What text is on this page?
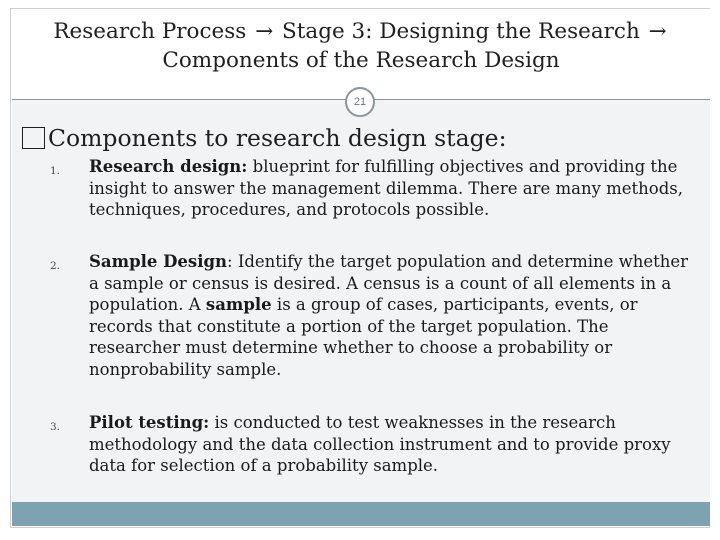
Research Process → Stage 3: Designing the Research →
Components of the Research Design
21
Components to research design stage:
1. Research design: blueprint for fulfilling objectives and providing the insight to answer the management dilemma. There are many methods, techniques, procedures, and protocols possible.
2. Sample Design: Identify the target population and determine whether a sample or census is desired. A census is a count of all elements in a population. A sample is a group of cases, participants, events, or records that constitute a portion of the target population. The researcher must determine whether to choose a probability or nonprobability sample.
3. Pilot testing: is conducted to test weaknesses in the research methodology and the data collection instrument and to provide proxy data for selection of a probability sample.
